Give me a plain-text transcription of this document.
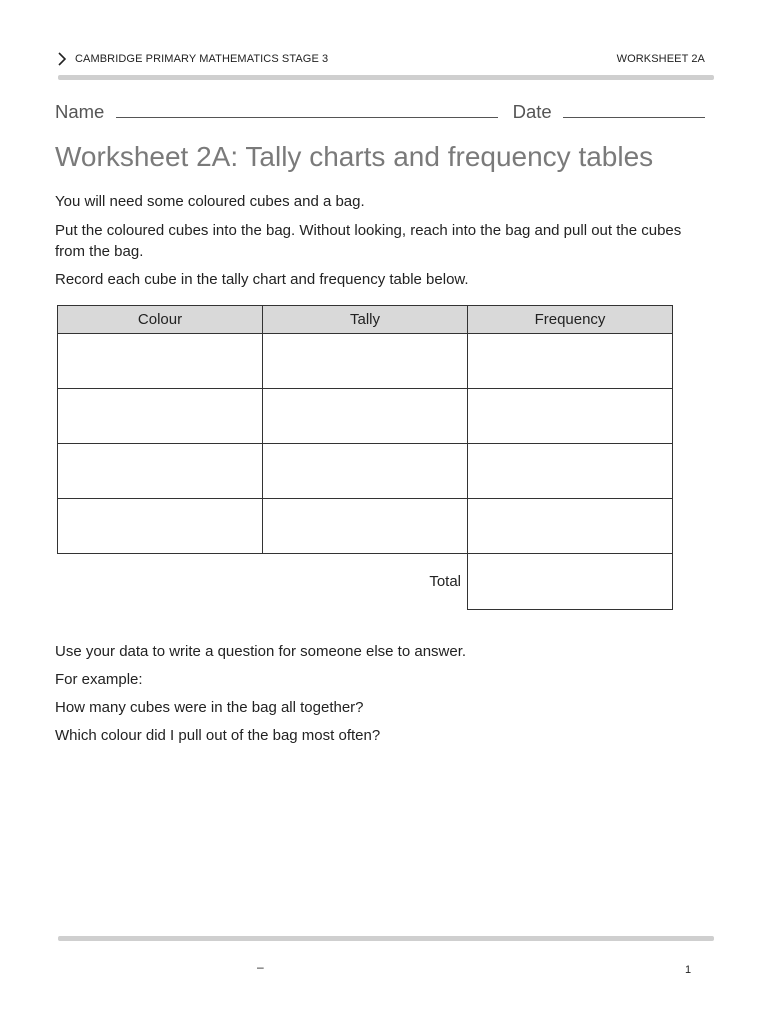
CAMBRIDGE PRIMARY MATHEMATICS STAGE 3	WORKSHEET 2A
Name	Date
Worksheet 2A: Tally charts and frequency tables
You will need some coloured cubes and a bag.
Put the coloured cubes into the bag. Without looking, reach into the bag and pull out the cubes from the bag.
Record each cube in the tally chart and frequency table below.
Colour	Tally	Frequency

	Total	
Use your data to write a question for someone else to answer.
For example:
How many cubes were in the bag all together?
Which colour did I pull out of the bag most often?
–	1
